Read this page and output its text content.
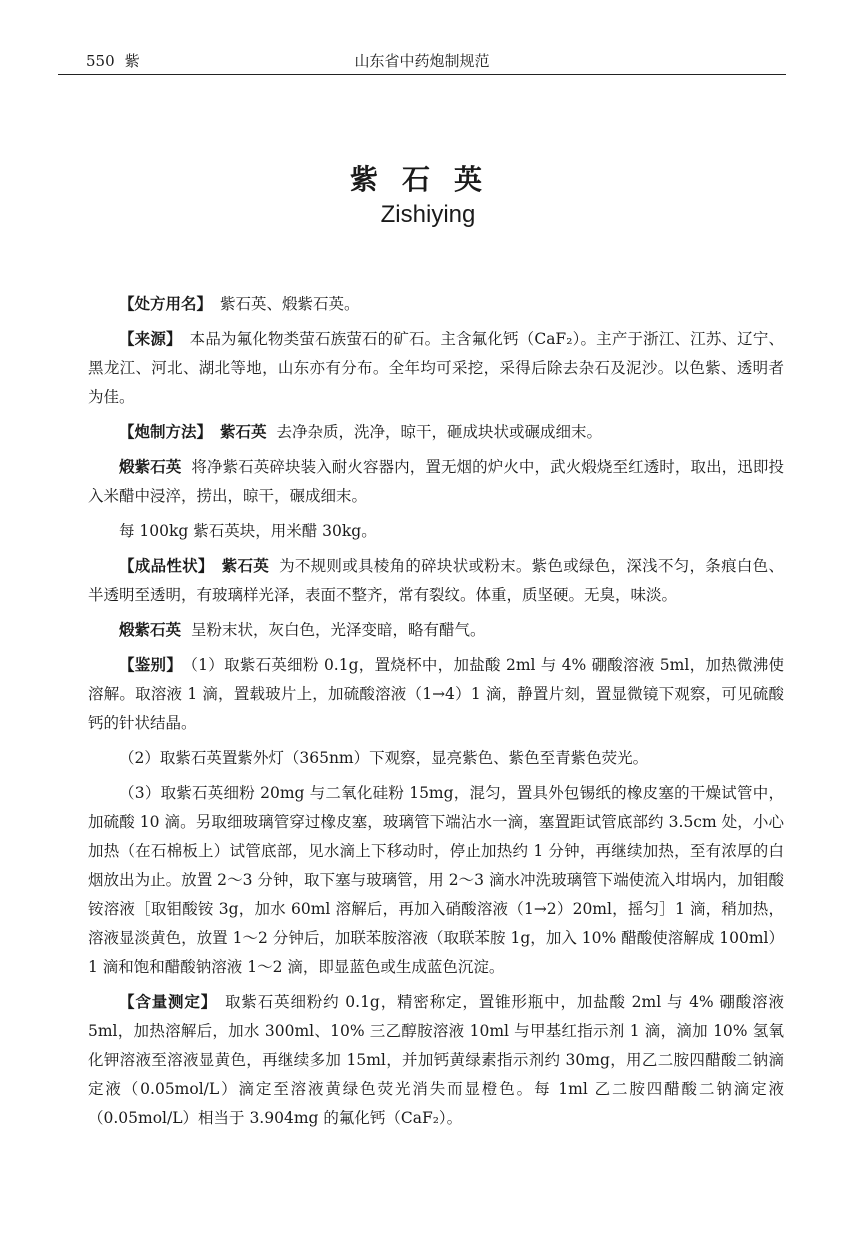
550 紫	山东省中药炮制规范
紫石英
Zishiying

【处方用名】 紫石英、煅紫石英。

【来源】 本品为氟化物类萤石族萤石的矿石。主含氟化钙（CaF₂）。主产于浙江、江苏、辽宁、黑龙江、河北、湖北等地，山东亦有分布。全年均可采挖，采得后除去杂石及泥沙。以色紫、透明者为佳。

【炮制方法】 紫石英 去净杂质，洗净，晾干，砸成块状或碾成细末。

煅紫石英 将净紫石英碎块装入耐火容器内，置无烟的炉火中，武火煅烧至红透时，取出，迅即投入米醋中浸淬，捞出，晾干，碾成细末。

每 100kg 紫石英块，用米醋 30kg。

【成品性状】 紫石英 为不规则或具棱角的碎块状或粉末。紫色或绿色，深浅不匀，条痕白色、半透明至透明，有玻璃样光泽，表面不整齐，常有裂纹。体重，质坚硬。无臭，味淡。

煅紫石英 呈粉末状，灰白色，光泽变暗，略有醋气。

【鉴别】 （1）取紫石英细粉 0.1g，置烧杯中，加盐酸 2ml 与 4% 硼酸溶液 5ml，加热微沸使溶解。取溶液 1 滴，置载玻片上，加硫酸溶液（1→4）1 滴，静置片刻，置显微镜下观察，可见硫酸钙的针状结晶。

（2）取紫石英置紫外灯（365nm）下观察，显亮紫色、紫色至青紫色荧光。

（3）取紫石英细粉 20mg 与二氧化硅粉 15mg，混匀，置具外包锡纸的橡皮塞的干燥试管中，加硫酸 10 滴。另取细玻璃管穿过橡皮塞，玻璃管下端沾水一滴，塞置距试管底部约 3.5cm 处，小心加热（在石棉板上）试管底部，见水滴上下移动时，停止加热约 1 分钟，再继续加热，至有浓厚的白烟放出为止。放置 2～3 分钟，取下塞与玻璃管，用 2～3 滴水冲洗玻璃管下端使流入坩埚内，加钼酸铵溶液［取钼酸铵 3g，加水 60ml 溶解后，再加入硝酸溶液（1→2）20ml，摇匀］1 滴，稍加热，溶液显淡黄色，放置 1～2 分钟后，加联苯胺溶液（取联苯胺 1g，加入 10% 醋酸使溶解成 100ml）1 滴和饱和醋酸钠溶液 1～2 滴，即显蓝色或生成蓝色沉淀。

【含量测定】 取紫石英细粉约 0.1g，精密称定，置锥形瓶中，加盐酸 2ml 与 4% 硼酸溶液 5ml，加热溶解后，加水 300ml、10% 三乙醇胺溶液 10ml 与甲基红指示剂 1 滴，滴加 10% 氢氧化钾溶液至溶液显黄色，再继续多加 15ml，并加钙黄绿素指示剂约 30mg，用乙二胺四醋酸二钠滴定液（0.05mol/L）滴定至溶液黄绿色荧光消失而显橙色。每 1ml 乙二胺四醋酸二钠滴定液（0.05mol/L）相当于 3.904mg 的氟化钙（CaF₂）。
